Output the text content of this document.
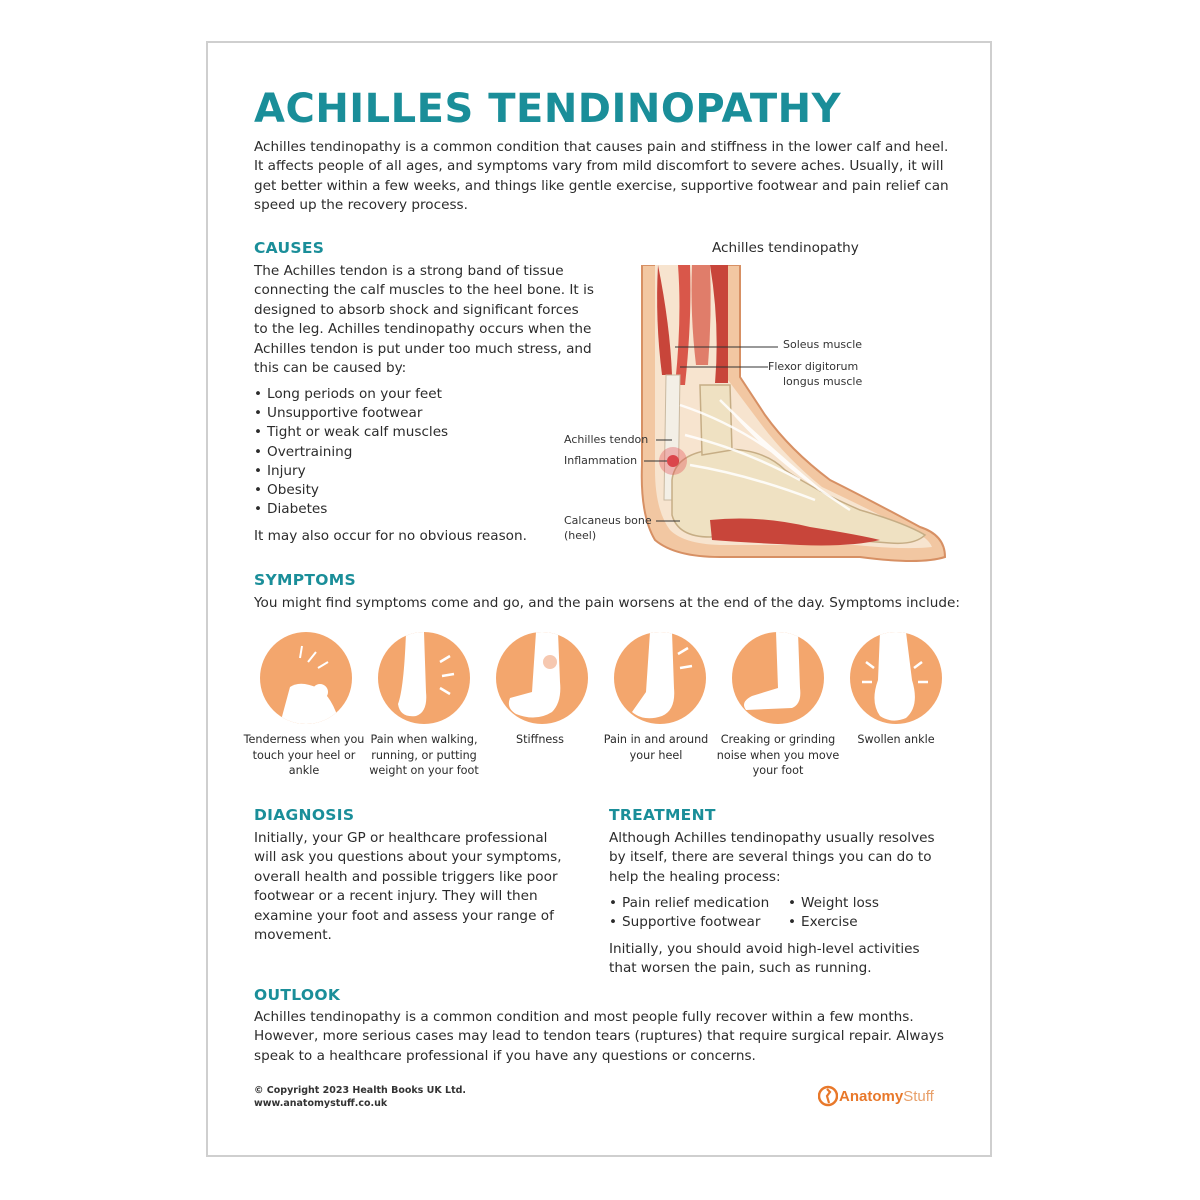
ACHILLES TENDINOPATHY
Achilles tendinopathy is a common condition that causes pain and stiffness in the lower calf and heel. It affects people of all ages, and symptoms vary from mild discomfort to severe aches. Usually, it will get better within a few weeks, and things like gentle exercise, supportive footwear and pain relief can speed up the recovery process.
CAUSES
The Achilles tendon is a strong band of tissue connecting the calf muscles to the heel bone. It is designed to absorb shock and significant forces to the leg. Achilles tendinopathy occurs when the Achilles tendon is put under too much stress, and this can be caused by:
• Long periods on your feet
• Unsupportive footwear
• Tight or weak calf muscles
• Overtraining
• Injury
• Obesity
• Diabetes
It may also occur for no obvious reason.
Achilles tendinopathy
Soleus muscle
Flexor digitorum
longus muscle
Achilles tendon
Inflammation
Calcaneus bone
(heel)
SYMPTOMS
You might find symptoms come and go, and the pain worsens at the end of the day. Symptoms include:
Tenderness when you touch your heel or ankle
Pain when walking, running, or putting weight on your foot
Stiffness	Pain in and around your heel
Creaking or grinding noise when you move your foot
Swollen ankle
DIAGNOSIS
Initially, your GP or healthcare professional will ask you questions about your symptoms, overall health and possible triggers like poor footwear or a recent injury. They will then examine your foot and assess your range of movement.
TREATMENT
Although Achilles tendinopathy usually resolves by itself, there are several things you can do to help the healing process:
• Pain relief medication
• Supportive footwear
• Weight loss
• Exercise
Initially, you should avoid high-level activities that worsen the pain, such as running.
OUTLOOK
Achilles tendinopathy is a common condition and most people fully recover within a few months. However, more serious cases may lead to tendon tears (ruptures) that require surgical repair. Always speak to a healthcare professional if you have any questions or concerns.
© Copyright 2023 Health Books UK Ltd.
www.anatomystuff.co.uk	Anatomy Stuff
